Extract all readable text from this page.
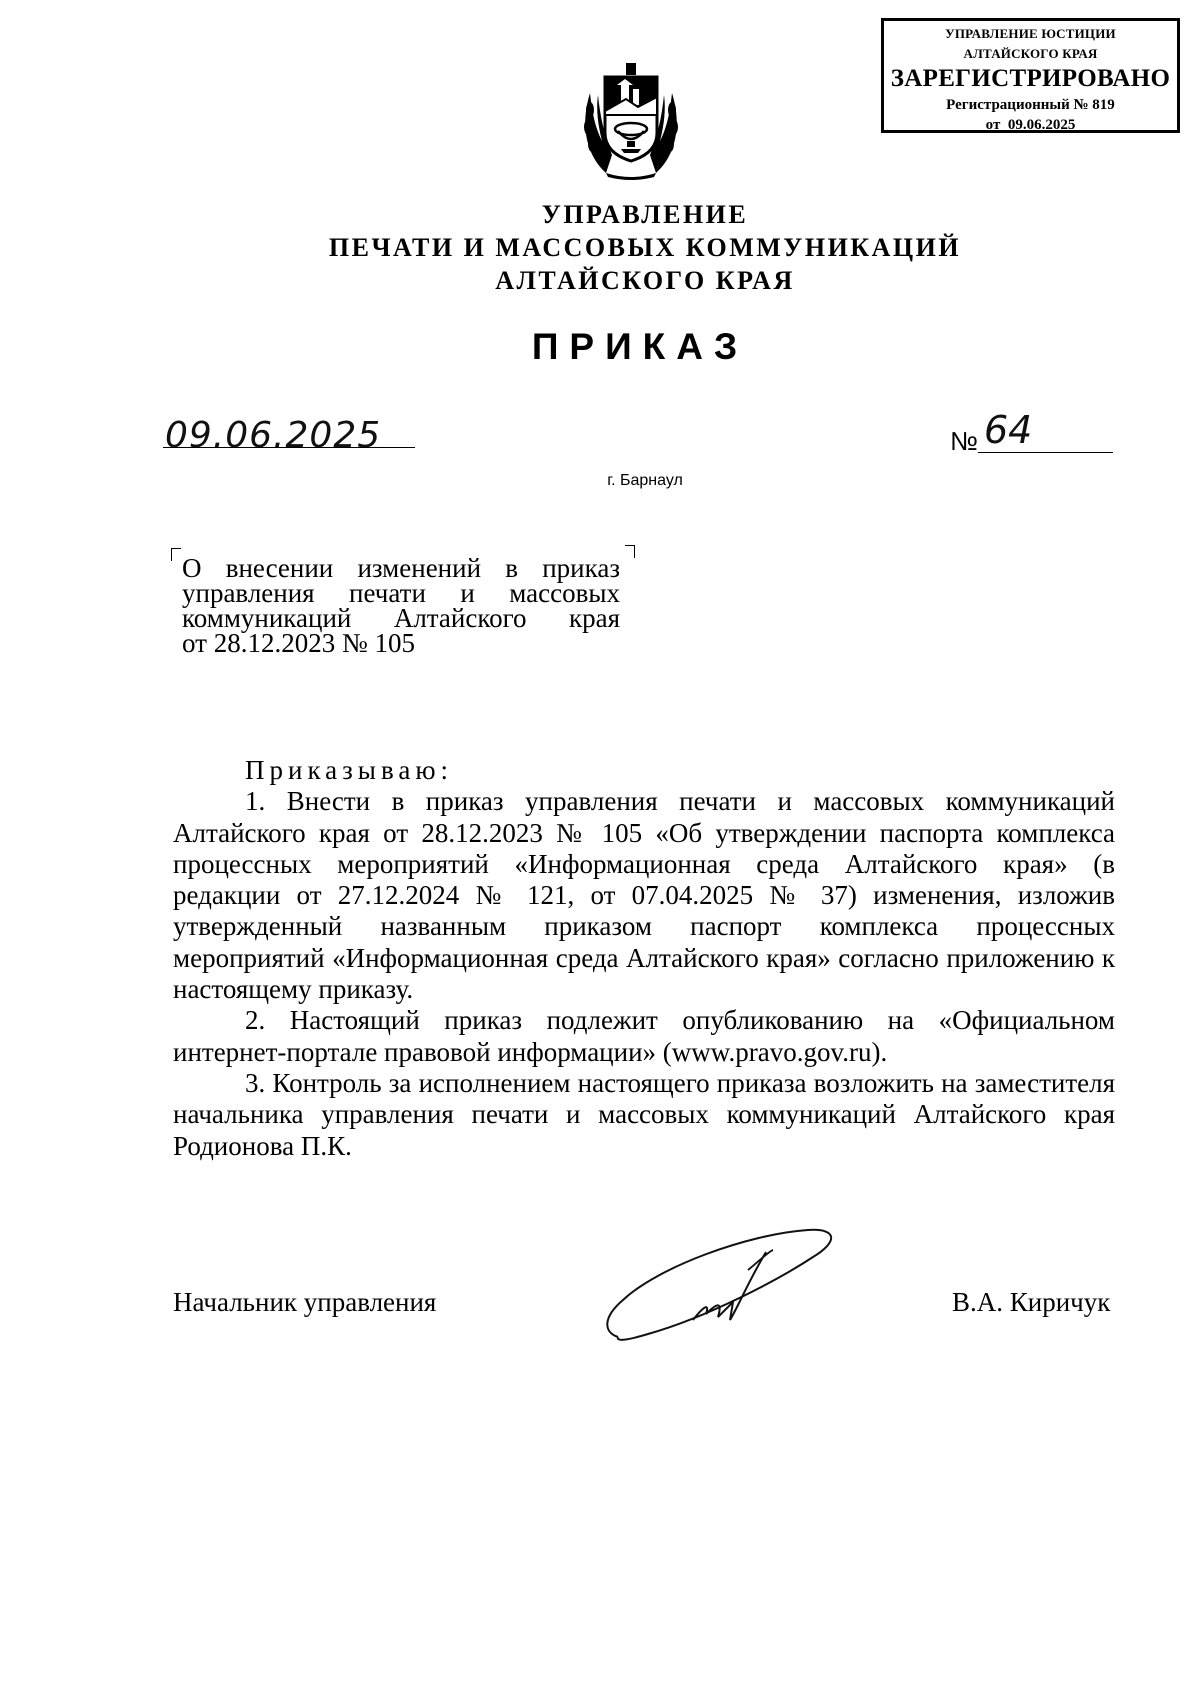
УПРАВЛЕНИЕ ЮСТИЦИИ
АЛТАЙСКОГО КРАЯ
ЗАРЕГИСТРИРОВАНО
Регистрационный № 819
от  09.06.2025
УПРАВЛЕНИЕ
ПЕЧАТИ И МАССОВЫХ КОММУНИКАЦИЙ
АЛТАЙСКОГО КРАЯ
ПРИКАЗ
09.06.2025	№ 64
г. Барнаул
О внесении изменений в приказ
управления печати и массовых
коммуникаций Алтайского края
от 28.12.2023 № 105

Приказываю:

1. Внести в приказ управления печати и массовых коммуникаций Алтайского края от 28.12.2023 № 105 «Об утверждении паспорта комплекса процессных мероприятий «Информационная среда Алтайского края» (в редакции от 27.12.2024 № 121, от 07.04.2025 № 37) изменения, изложив утвержденный названным приказом паспорт комплекса процессных мероприятий «Информационная среда Алтайского края» согласно приложению к настоящему приказу.

2. Настоящий приказ подлежит опубликованию на «Официальном интернет-портале правовой информации» (www.pravo.gov.ru).

3. Контроль за исполнением настоящего приказа возложить на заместителя начальника управления печати и массовых коммуникаций Алтайского края Родионова П.К.

Начальник управления	В.А. Киричук
